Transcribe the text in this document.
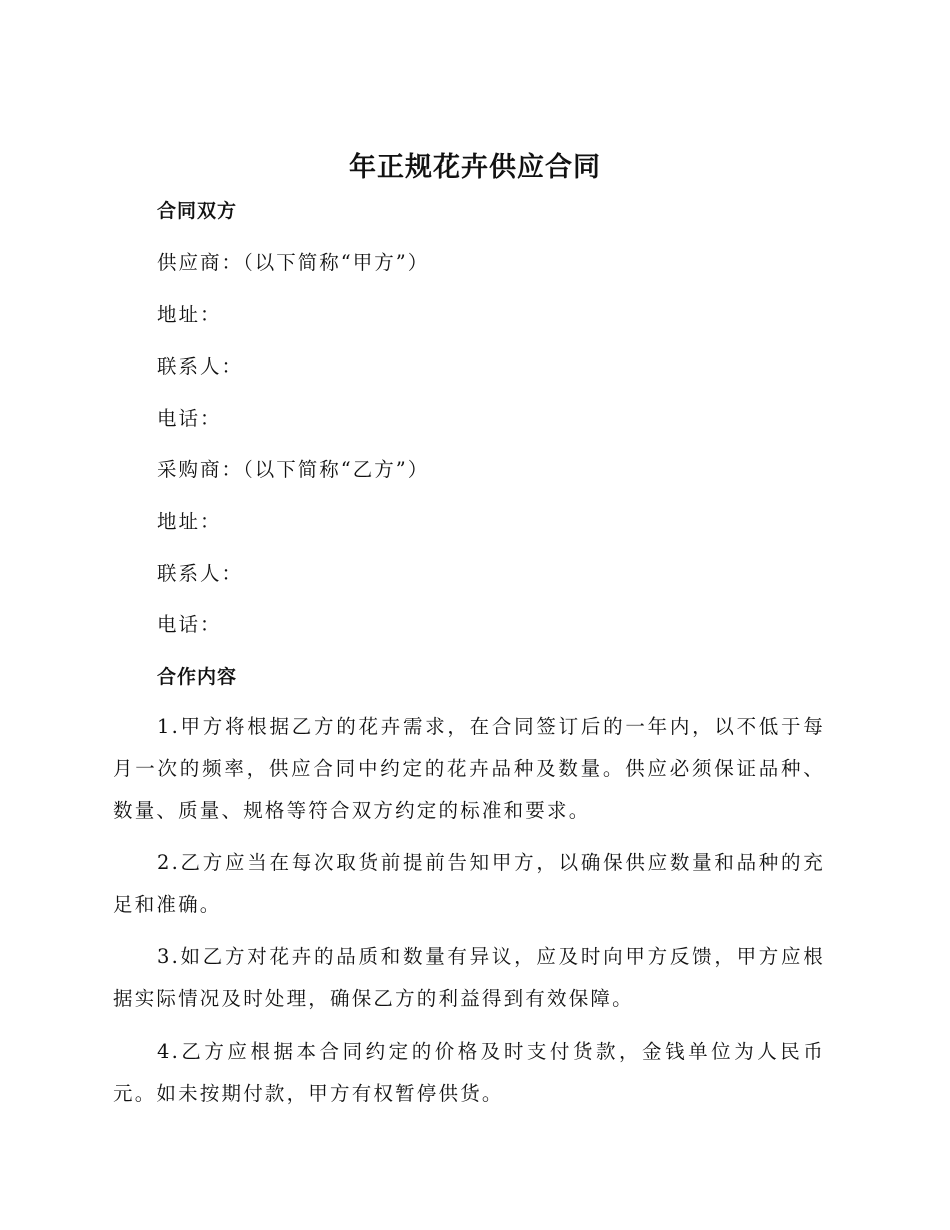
年正规花卉供应合同
合同双方
供应商：（以下简称“甲方”）
地址：
联系人：
电话：
采购商：（以下简称“乙方”）
地址：
联系人：
电话：
合作内容
1.甲方将根据乙方的花卉需求，在合同签订后的一年内，以不低于每月一次的频率，供应合同中约定的花卉品种及数量。供应必须保证品种、数量、质量、规格等符合双方约定的标准和要求。
2.乙方应当在每次取货前提前告知甲方，以确保供应数量和品种的充足和准确。
3.如乙方对花卉的品质和数量有异议，应及时向甲方反馈，甲方应根据实际情况及时处理，确保乙方的利益得到有效保障。
4.乙方应根据本合同约定的价格及时支付货款，金钱单位为人民币元。如未按期付款，甲方有权暂停供货。
